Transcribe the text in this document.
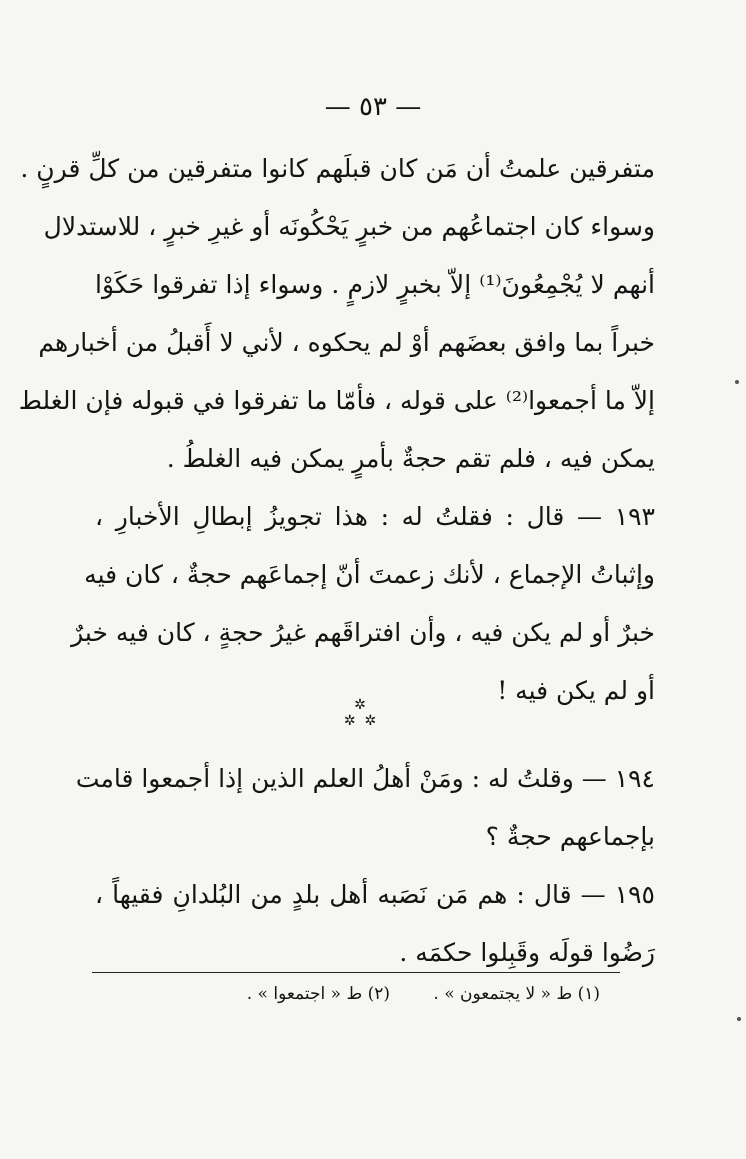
— ٥٣ —
متفرقين علمتُ أن مَن كان قبلَهم كانوا متفرقين من كلِّ قرنٍ .
وسواء كان اجتماعُهم من خبرٍ يَحْكُونَه أو غيرِ خبرٍ ، للاستدلال
أنهم لا يُجْمِعُونَ⁽¹⁾ إلاّ بخبرٍ لازمٍ . وسواء إذا تفرقوا حَكَوْا
خبراً بما وافق بعضَهم أوْ لم يحكوه ، لأني لا أَقبلُ من أخبارهم
إلاّ ما أجمعوا⁽²⁾ على قوله ، فأمّا ما تفرقوا في قبوله فإن الغلط
يمكن فيه ، فلم تقم حجةٌ بأمرٍ يمكن فيه الغلطُ .
١٩٣ — قال : فقلتُ له : هذا تجويزُ إبطالِ الأخبارِ ،
وإثباتُ الإجماع ، لأنك زعمتَ أنّ إجماعَهم حجةٌ ، كان فيه
خبرٌ أو لم يكن فيه ، وأن افتراقَهم غيرُ حجةٍ ، كان فيه خبرٌ
أو لم يكن فيه !
✲
✲  ✲
١٩٤ — وقلتُ له : ومَنْ أهلُ العلم الذين إذا أجمعوا قامت
بإجماعهم حجةٌ ؟
١٩٥ — قال : هم مَن نَصَبه أهل بلدٍ من البُلدانِ فقيهاً ،
رَضُوا قولَه وقَبِلوا حكمَه .
(١) ط « لا يجتمعون » . (٢) ط « اجتمعوا » .
